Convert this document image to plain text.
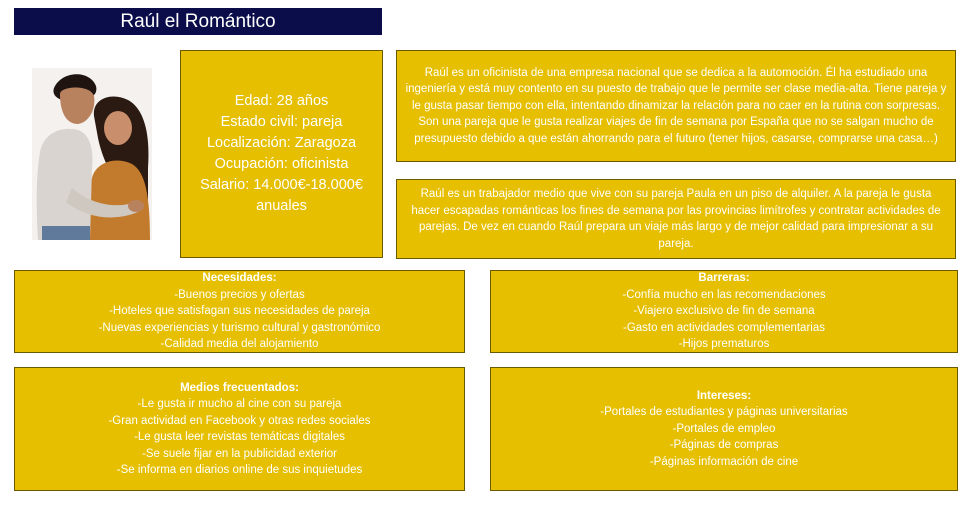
Raúl el Romántico
Edad: 28 años
Estado civil: pareja
Localización: Zaragoza
Ocupación: oficinista
Salario: 14.000€-18.000€
anuales
Raúl es un oficinista de una empresa nacional que se dedica a la automoción. Él ha estudiado una ingeniería y está muy contento en su puesto de trabajo que le permite ser clase media-alta. Tiene pareja y le gusta pasar tiempo con ella, intentando dinamizar la relación para no caer en la rutina con sorpresas. Son una pareja que le gusta realizar viajes de fin de semana por España que no se salgan mucho de presupuesto debido a que están ahorrando para el futuro (tener hijos, casarse, comprarse una casa…)
Raúl es un trabajador medio que vive con su pareja Paula en un piso de alquiler. A la pareja le gusta hacer escapadas románticas los fines de semana por las provincias limítrofes y contratar actividades de parejas. De vez en cuando Raúl prepara un viaje más largo y de mejor calidad para impresionar a su pareja.
Necesidades:
-Buenos precios y ofertas
-Hoteles que satisfagan sus necesidades de pareja
-Nuevas experiencias y turismo cultural y gastronómico
-Calidad media del alojamiento
Barreras:
-Confía mucho en las recomendaciones
-Viajero exclusivo de fin de semana
-Gasto en actividades complementarias
-Hijos prematuros
Medios frecuentados:
-Le gusta ir mucho al cine con su pareja
-Gran actividad en Facebook y otras redes sociales
-Le gusta leer revistas temáticas digitales
-Se suele fijar en la publicidad exterior
-Se informa en diarios online de sus inquietudes
Intereses:
-Portales de estudiantes y páginas universitarias
-Portales de empleo
-Páginas de compras
-Páginas información de cine
